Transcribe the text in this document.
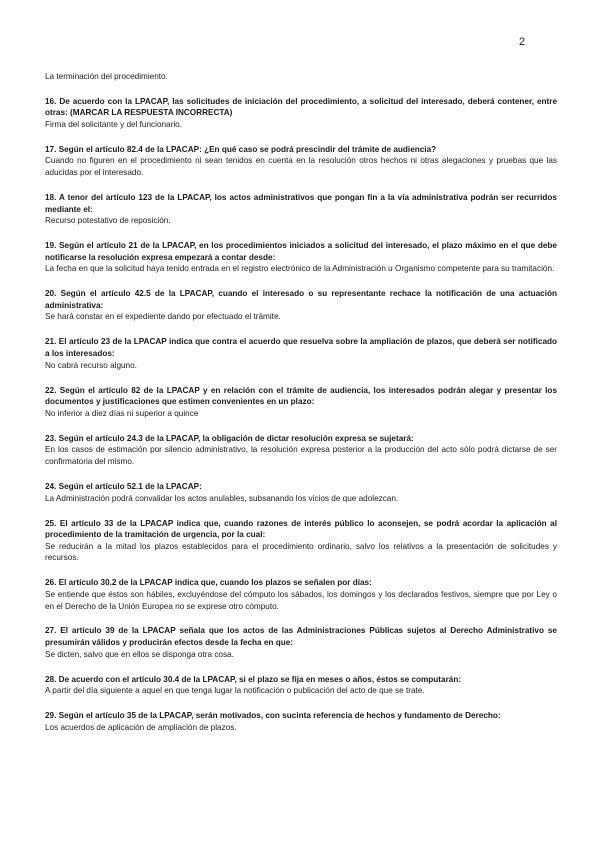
2

La terminación del procedimiento.

16. De acuerdo con la LPACAP, las solicitudes de iniciación del procedimiento, a solicitud del interesado, deberá contener, entre otras: (MARCAR LA RESPUESTA INCORRECTA)

Firma del solicitante y del funcionario.

17. Según el artículo 82.4 de la LPACAP: ¿En qué caso se podrá prescindir del trámite de audiencia?

Cuando no figuren en el procedimiento ni sean tenidos en cuenta en la resolución otros hechos ni otras alegaciones y pruebas que las aducidas por el interesado.

18. A tenor del artículo 123 de la LPACAP, los actos administrativos que pongan fin a la vía administrativa podrán ser recurridos mediante el:

Recurso potestativo de reposición.

19. Según el artículo 21 de la LPACAP, en los procedimientos iniciados a solicitud del interesado, el plazo máximo en el que debe notificarse la resolución expresa empezará a contar desde:

La fecha en que la solicitud haya tenido entrada en el registro electrónico de la Administración u Organismo competente para su tramitación.

20. Según el artículo 42.5 de la LPACAP, cuando el interesado o su representante rechace la notificación de una actuación administrativa:

Se hará constar en el expediente dando por efectuado el trámite.

21. El artículo 23 de la LPACAP indica que contra el acuerdo que resuelva sobre la ampliación de plazos, que deberá ser notificado a los interesados:

No cabrá recurso alguno.

22. Según el artículo 82 de la LPACAP y en relación con el trámite de audiencia, los interesados podrán alegar y presentar los documentos y justificaciones que estimen convenientes en un plazo:

No inferior a diez días ni superior a quince

23. Según el artículo 24.3 de la LPACAP, la obligación de dictar resolución expresa se sujetará:

En los casos de estimación por silencio administrativo, la resolución expresa posterior a la producción del acto sólo podrá dictarse de ser confirmatoria del mismo.

24. Según el artículo 52.1 de la LPACAP:

La Administración podrá convalidar los actos anulables, subsanando los vicios de que adolezcan.

25. El artículo 33 de la LPACAP indica que, cuando razones de interés público lo aconsejen, se podrá acordar la aplicación al procedimiento de la tramitación de urgencia, por la cual:

Se reducirán a la mitad los plazos establecidos para el procedimiento ordinario, salvo los relativos a la presentación de solicitudes y recursos.

26. El artículo 30.2 de la LPACAP indica que, cuando los plazos se señalen por días:

Se entiende que éstos son hábiles, excluyéndose del cómputo los sábados, los domingos y los declarados festivos, siempre que por Ley o en el Derecho de la Unión Europea no se exprese otro cómputo.

27. El artículo 39 de la LPACAP señala que los actos de las Administraciones Públicas sujetos al Derecho Administrativo se presumirán válidos y producirán efectos desde la fecha en que:

Se dicten, salvo que en ellos se disponga otra cosa.

28. De acuerdo con el artículo 30.4 de la LPACAP, si el plazo se fija en meses o años, éstos se computarán:

A partir del día siguiente a aquel en que tenga lugar la notificación o publicación del acto de que se trate.

29. Según el artículo 35 de la LPACAP, serán motivados, con sucinta referencia de hechos y fundamento de Derecho:

Los acuerdos de aplicación de ampliación de plazos.
